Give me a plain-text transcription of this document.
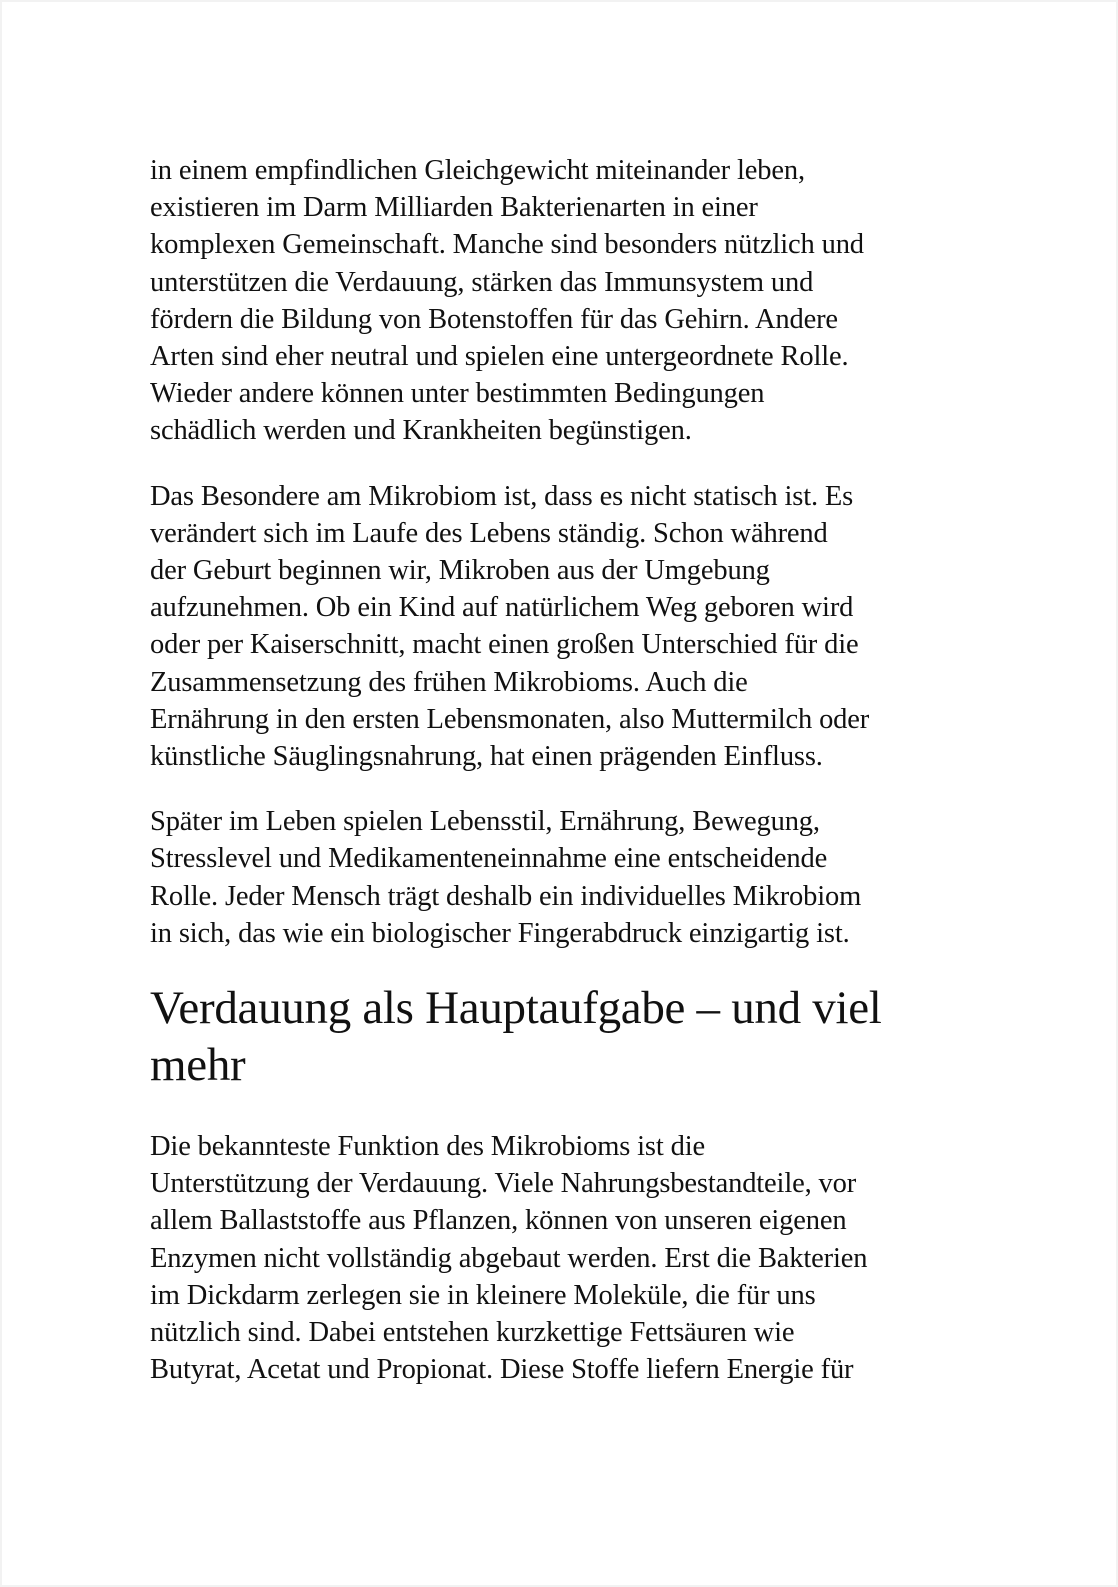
in einem empfindlichen Gleichgewicht miteinander leben,
existieren im Darm Milliarden Bakterienarten in einer
komplexen Gemeinschaft. Manche sind besonders nützlich und
unterstützen die Verdauung, stärken das Immunsystem und
fördern die Bildung von Botenstoffen für das Gehirn. Andere
Arten sind eher neutral und spielen eine untergeordnete Rolle.
Wieder andere können unter bestimmten Bedingungen
schädlich werden und Krankheiten begünstigen.

Das Besondere am Mikrobiom ist, dass es nicht statisch ist. Es
verändert sich im Laufe des Lebens ständig. Schon während
der Geburt beginnen wir, Mikroben aus der Umgebung
aufzunehmen. Ob ein Kind auf natürlichem Weg geboren wird
oder per Kaiserschnitt, macht einen großen Unterschied für die
Zusammensetzung des frühen Mikrobioms. Auch die
Ernährung in den ersten Lebensmonaten, also Muttermilch oder
künstliche Säuglingsnahrung, hat einen prägenden Einfluss.

Später im Leben spielen Lebensstil, Ernährung, Bewegung,
Stresslevel und Medikamenteneinnahme eine entscheidende
Rolle. Jeder Mensch trägt deshalb ein individuelles Mikrobiom
in sich, das wie ein biologischer Fingerabdruck einzigartig ist.

Verdauung als Hauptaufgabe – und viel
mehr

Die bekannteste Funktion des Mikrobioms ist die
Unterstützung der Verdauung. Viele Nahrungsbestandteile, vor
allem Ballaststoffe aus Pflanzen, können von unseren eigenen
Enzymen nicht vollständig abgebaut werden. Erst die Bakterien
im Dickdarm zerlegen sie in kleinere Moleküle, die für uns
nützlich sind. Dabei entstehen kurzkettige Fettsäuren wie
Butyrat, Acetat und Propionat. Diese Stoffe liefern Energie für
